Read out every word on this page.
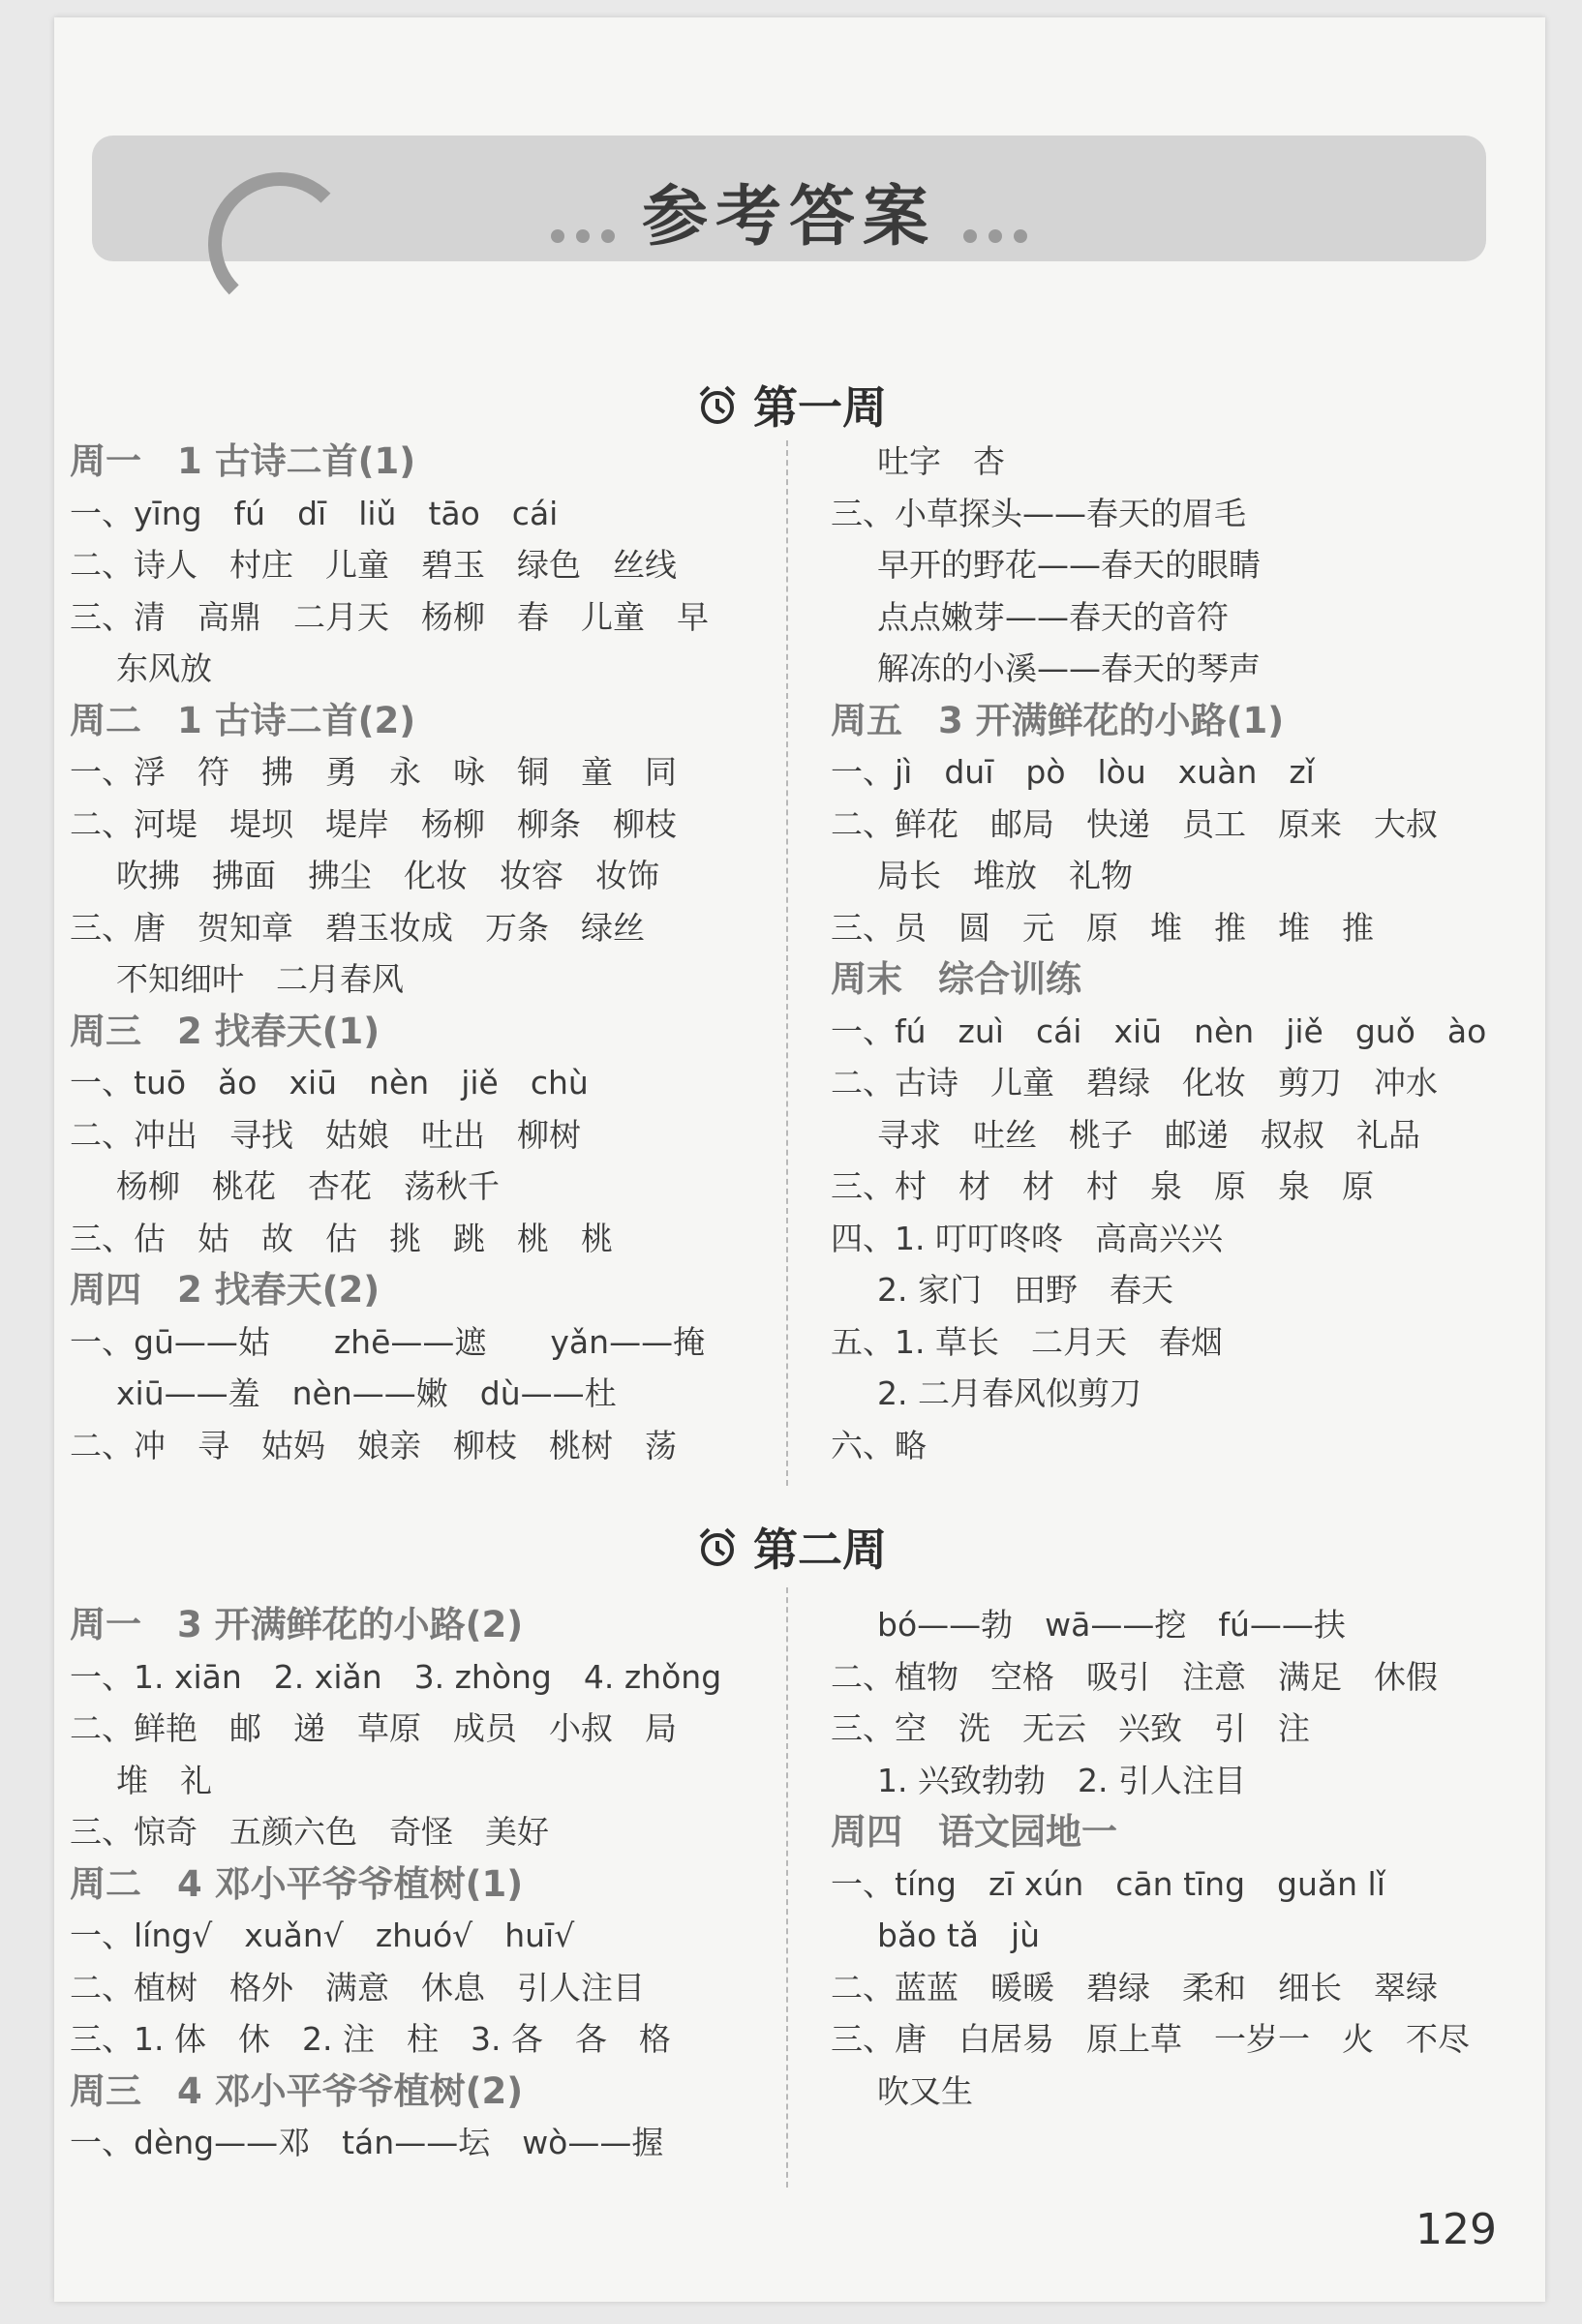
参考答案
第一周
周一　1 古诗二首(1)
一、yīng　fú　dī　liǔ　tāo　cái
二、诗人　村庄　儿童　碧玉　绿色　丝线
三、清　高鼎　二月天　杨柳　春　儿童　早
东风放
周二　1 古诗二首(2)
一、浮　符　拂　勇　永　咏　铜　童　同
二、河堤　堤坝　堤岸　杨柳　柳条　柳枝
吹拂　拂面　拂尘　化妆　妆容　妆饰
三、唐　贺知章　碧玉妆成　万条　绿丝
不知细叶　二月春风
周三　2 找春天(1)
一、tuō　ǎo　xiū　nèn　jiě　chù
二、冲出　寻找　姑娘　吐出　柳树
杨柳　桃花　杏花　荡秋千
三、估　姑　故　估　挑　跳　桃　桃
周四　2 找春天(2)
一、gū——姑　　zhē——遮　　yǎn——掩
xiū——羞　nèn——嫩　dù——杜
二、冲　寻　姑妈　娘亲　柳枝　桃树　荡
吐字　杏
三、小草探头——春天的眉毛
早开的野花——春天的眼睛
点点嫩芽——春天的音符
解冻的小溪——春天的琴声
周五　3 开满鲜花的小路(1)
一、jì　duī　pò　lòu　xuàn　zǐ
二、鲜花　邮局　快递　员工　原来　大叔
局长　堆放　礼物
三、员　圆　元　原　堆　推　堆　推
周末　综合训练
一、fú　zuì　cái　xiū　nèn　jiě　guǒ　ào
二、古诗　儿童　碧绿　化妆　剪刀　冲水
寻求　吐丝　桃子　邮递　叔叔　礼品
三、村　材　材　村　泉　原　泉　原
四、1. 叮叮咚咚　高高兴兴
2. 家门　田野　春天
五、1. 草长　二月天　春烟
2. 二月春风似剪刀
六、略
第二周
周一　3 开满鲜花的小路(2)
一、1. xiān　2. xiǎn　3. zhòng　4. zhǒng
二、鲜艳　邮　递　草原　成员　小叔　局
堆　礼
三、惊奇　五颜六色　奇怪　美好
周二　4 邓小平爷爷植树(1)
一、líng√　xuǎn√　zhuó√　huī√
二、植树　格外　满意　休息　引人注目
三、1. 体　休　2. 注　柱　3. 各　各　格
周三　4 邓小平爷爷植树(2)
一、dèng——邓　tán——坛　wò——握
bó——勃　wā——挖　fú——扶
二、植物　空格　吸引　注意　满足　休假
三、空　洗　无云　兴致　引　注
1. 兴致勃勃　2. 引人注目
周四　语文园地一
一、tíng　zī xún　cān tīng　guǎn lǐ
bǎo tǎ　jù
二、蓝蓝　暖暖　碧绿　柔和　细长　翠绿
三、唐　白居易　原上草　一岁一　火　不尽
吹又生
129
